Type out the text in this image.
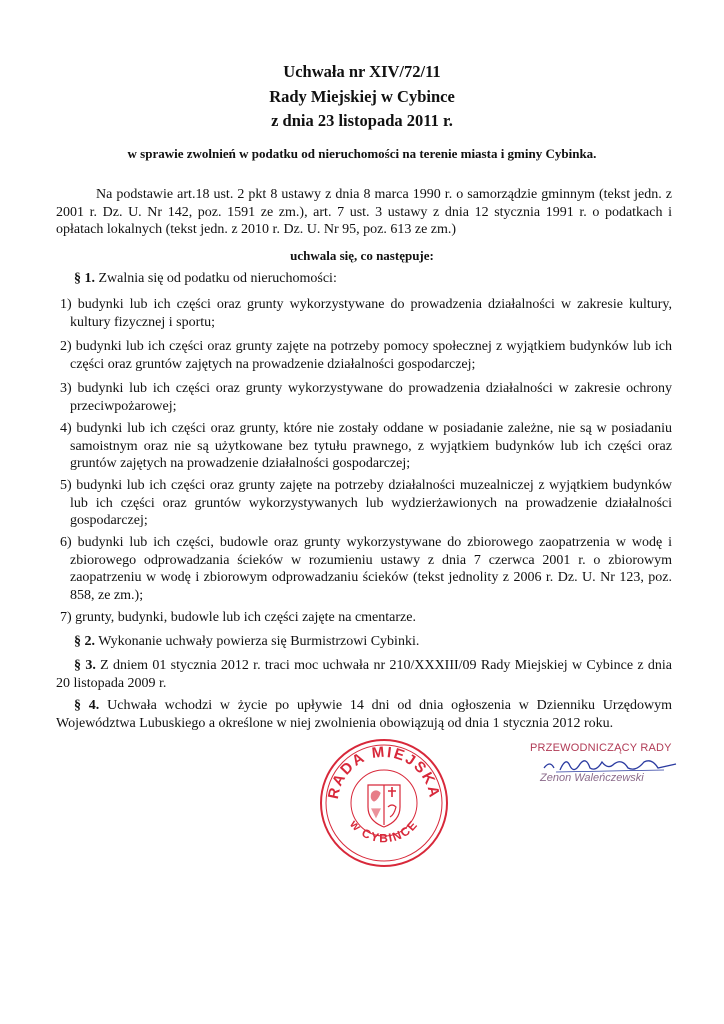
Uchwała nr XIV/72/11
Rady Miejskiej w Cybince
z dnia 23 listopada 2011 r.
w sprawie zwolnień w podatku od nieruchomości na terenie miasta i gminy Cybinka.
Na podstawie art.18 ust. 2 pkt 8 ustawy z dnia 8 marca 1990 r. o samorządzie gminnym (tekst jedn. z 2001 r. Dz. U. Nr 142, poz. 1591 ze zm.), art. 7 ust. 3 ustawy z dnia 12 stycznia 1991 r. o podatkach i opłatach lokalnych (tekst jedn. z 2010 r. Dz. U. Nr 95, poz. 613 ze zm.)
uchwala się, co następuje:
§ 1. Zwalnia się od podatku od nieruchomości:
1) budynki lub ich części oraz grunty wykorzystywane do prowadzenia działalności w zakresie kultury, kultury fizycznej i sportu;
2) budynki lub ich części oraz grunty zajęte na potrzeby pomocy społecznej z wyjątkiem budynków lub ich części oraz gruntów zajętych na prowadzenie działalności gospodarczej;
3) budynki lub ich części oraz grunty wykorzystywane do prowadzenia działalności w zakresie ochrony przeciwpożarowej;
4) budynki lub ich części oraz grunty, które nie zostały oddane w posiadanie zależne, nie są w posiadaniu samoistnym oraz nie są użytkowane bez tytułu prawnego, z wyjątkiem budynków lub ich części oraz gruntów zajętych na prowadzenie działalności gospodarczej;
5) budynki lub ich części oraz grunty zajęte na potrzeby działalności muzealniczej z wyjątkiem budynków lub ich części oraz gruntów wykorzystywanych lub wydzierżawionych na prowadzenie działalności gospodarczej;
6) budynki lub ich części, budowle oraz grunty wykorzystywane do zbiorowego zaopatrzenia w wodę i zbiorowego odprowadzania ścieków w rozumieniu ustawy z dnia 7 czerwca 2001 r. o zbiorowym zaopatrzeniu w wodę i zbiorowym odprowadzaniu ścieków (tekst jednolity z 2006 r. Dz. U. Nr 123, poz. 858, ze zm.);
7) grunty, budynki, budowle lub ich części zajęte na cmentarze.
§ 2. Wykonanie uchwały powierza się Burmistrzowi Cybinki.
§ 3. Z dniem 01 stycznia 2012 r. traci moc uchwała nr 210/XXXIII/09 Rady Miejskiej w Cybince z dnia 20 listopada 2009 r.
§ 4. Uchwała wchodzi w życie po upływie 14 dni od dnia ogłoszenia w Dzienniku Urzędowym Województwa Lubuskiego a określone w niej zwolnienia obowiązują od dnia 1 stycznia 2012 roku.
RADA MIEJSKA
w CYBINCE
PRZEWODNICZĄCY RADY
Zenon Waleńczewski
